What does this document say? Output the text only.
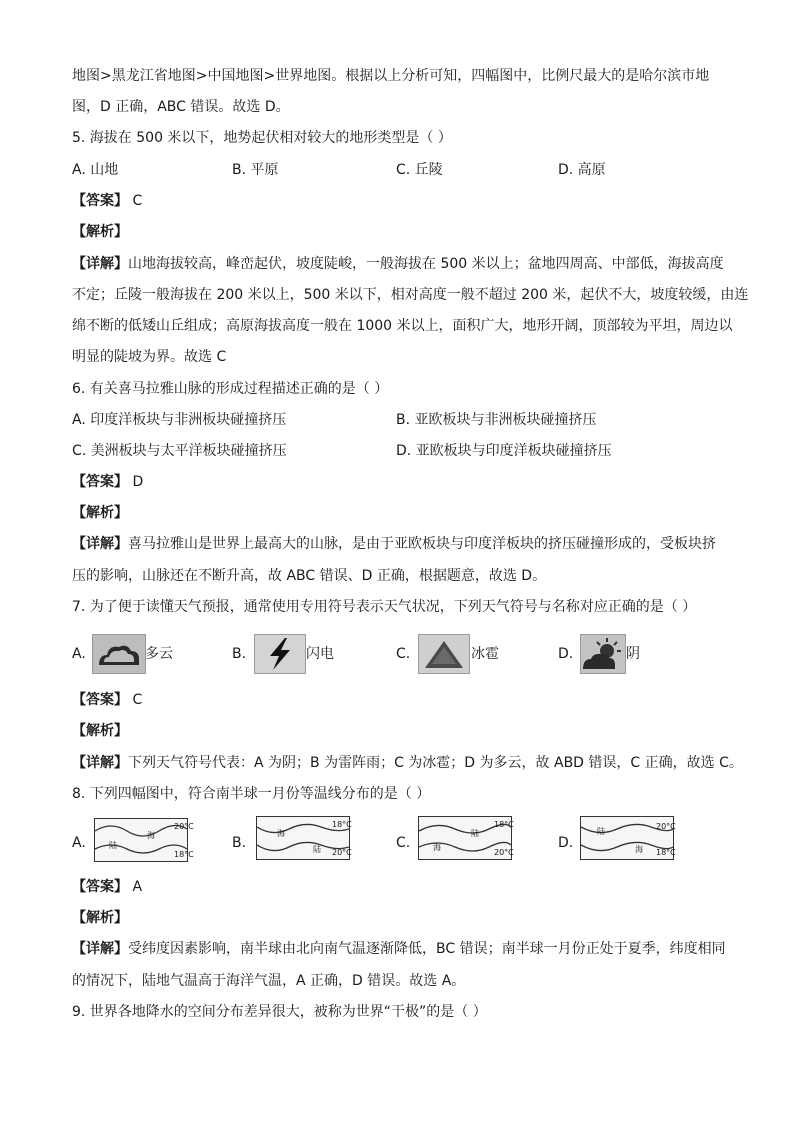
地图>黑龙江省地图>中国地图>世界地图。根据以上分析可知，四幅图中，比例尺最大的是哈尔滨市地
图，D 正确，ABC 错误。故选 D。
5. 海拔在 500 米以下，地势起伏相对较大的地形类型是（ ）
A. 山地	B. 平原	C. 丘陵	D. 高原
【答案】 C
【解析】
【详解】山地海拔较高，峰峦起伏，坡度陡峻，一般海拔在 500 米以上；盆地四周高、中部低，海拔高度
不定；丘陵一般海拔在 200 米以上，500 米以下，相对高度一般不超过 200 米，起伏不大，坡度较缓，由连
绵不断的低矮山丘组成；高原海拔高度一般在 1000 米以上，面积广大，地形开阔，顶部较为平坦，周边以
明显的陡坡为界。故选 C
6. 有关喜马拉雅山脉的形成过程描述正确的是（ ）
A. 印度洋板块与非洲板块碰撞挤压	B. 亚欧板块与非洲板块碰撞挤压
C. 美洲板块与太平洋板块碰撞挤压	D. 亚欧板块与印度洋板块碰撞挤压
【答案】 D
【解析】
【详解】喜马拉雅山是世界上最高大的山脉，是由于亚欧板块与印度洋板块的挤压碰撞形成的，受板块挤
压的影响，山脉还在不断升高，故 ABC 错误、D 正确，根据题意，故选 D。
7. 为了便于读懂天气预报，通常使用专用符号表示天气状况，下列天气符号与名称对应正确的是（ ）
A.	多云	B.	闪电	C.	冰雹	D.	阴
【答案】 C
【解析】
【详解】下列天气符号代表：A 为阴；B 为雷阵雨；C 为冰雹；D 为多云，故 ABD 错误，C 正确，故选 C。
8. 下列四幅图中，符合南半球一月份等温线分布的是（ ）
A.	海
陆
20°C
18°C
B.
海
陆
18°C
20°C
C.
陆
海
18°C
20°C
D.
陆
海
20°C
18°C
【答案】 A
【解析】
【详解】受纬度因素影响，南半球由北向南气温逐渐降低，BC 错误；南半球一月份正处于夏季，纬度相同
的情况下，陆地气温高于海洋气温，A 正确，D 错误。故选 A。
9. 世界各地降水的空间分布差异很大，被称为世界“干极”的是（ ）
